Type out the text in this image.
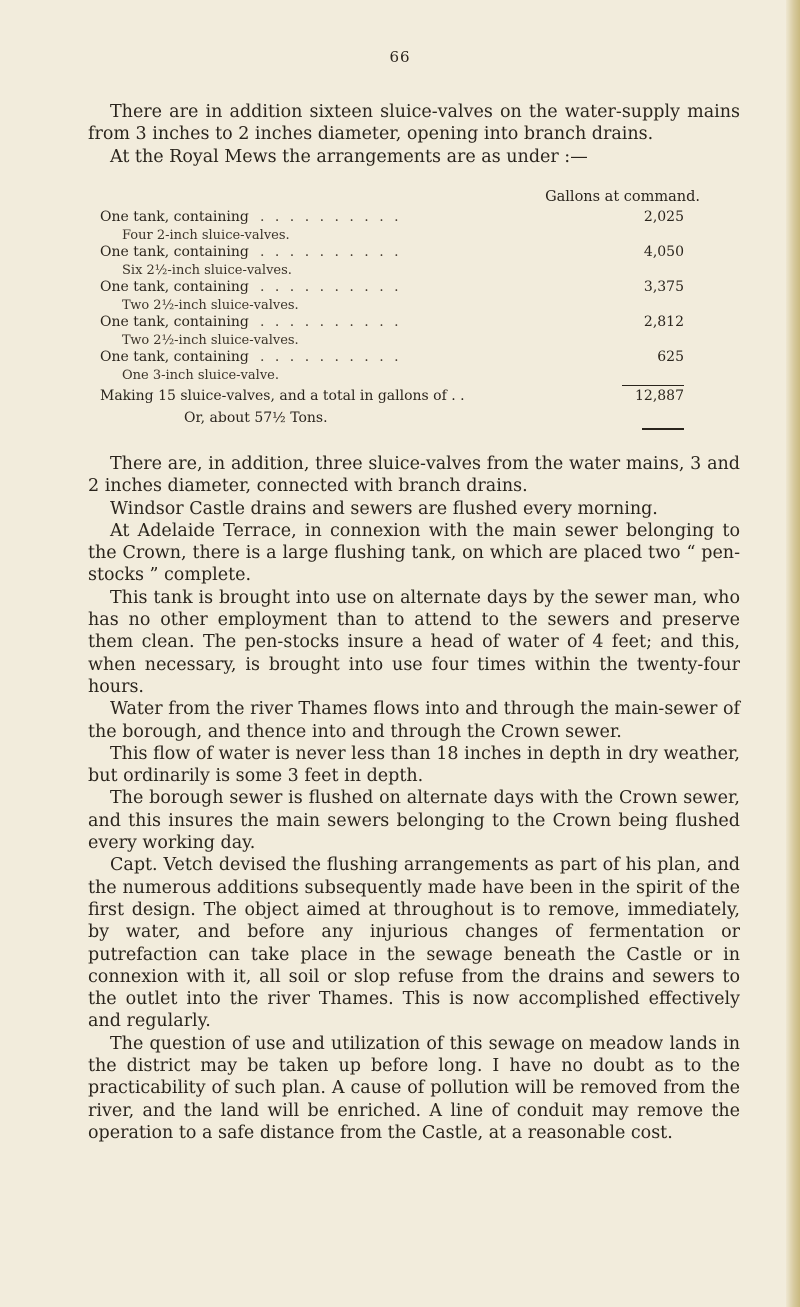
66

There are in addition sixteen sluice-valves on the water-supply mains from 3 inches to 2 inches diameter, opening into branch drains.

At the Royal Mews the arrangements are as under :—

Gallons at command.
One tank, containing . . . . . . . . . .	2,025
Four 2-inch sluice-valves.
One tank, containing . . . . . . . . . .	4,050
Six 2½-inch sluice-valves.
One tank, containing . . . . . . . . . .	3,375
Two 2½-inch sluice-valves.
One tank, containing . . . . . . . . . .	2,812
Two 2½-inch sluice-valves.
One tank, containing . . . . . . . . . .	625
One 3-inch sluice-valve.
Making 15 sluice-valves, and a total in gallons of . .	12,887
Or, about 57½ Tons.

There are, in addition, three sluice-valves from the water mains, 3 and 2 inches diameter, connected with branch drains.

Windsor Castle drains and sewers are flushed every morning.

At Adelaide Terrace, in connexion with the main sewer belonging to the Crown, there is a large flushing tank, on which are placed two “ pen-stocks ” complete.

This tank is brought into use on alternate days by the sewer man, who has no other employment than to attend to the sewers and preserve them clean. The pen-stocks insure a head of water of 4 feet; and this, when necessary, is brought into use four times within the twenty-four hours.

Water from the river Thames flows into and through the main-sewer of the borough, and thence into and through the Crown sewer.

This flow of water is never less than 18 inches in depth in dry weather, but ordinarily is some 3 feet in depth.

The borough sewer is flushed on alternate days with the Crown sewer, and this insures the main sewers belonging to the Crown being flushed every working day.

Capt. Vetch devised the flushing arrangements as part of his plan, and the numerous additions subsequently made have been in the spirit of the first design. The object aimed at throughout is to remove, immediately, by water, and before any injurious changes of fermentation or putrefaction can take place in the sewage beneath the Castle or in connexion with it, all soil or slop refuse from the drains and sewers to the outlet into the river Thames. This is now accomplished effectively and regularly.

The question of use and utilization of this sewage on meadow lands in the district may be taken up before long. I have no doubt as to the practicability of such plan. A cause of pollution will be removed from the river, and the land will be enriched. A line of conduit may remove the operation to a safe distance from the Castle, at a reasonable cost.
